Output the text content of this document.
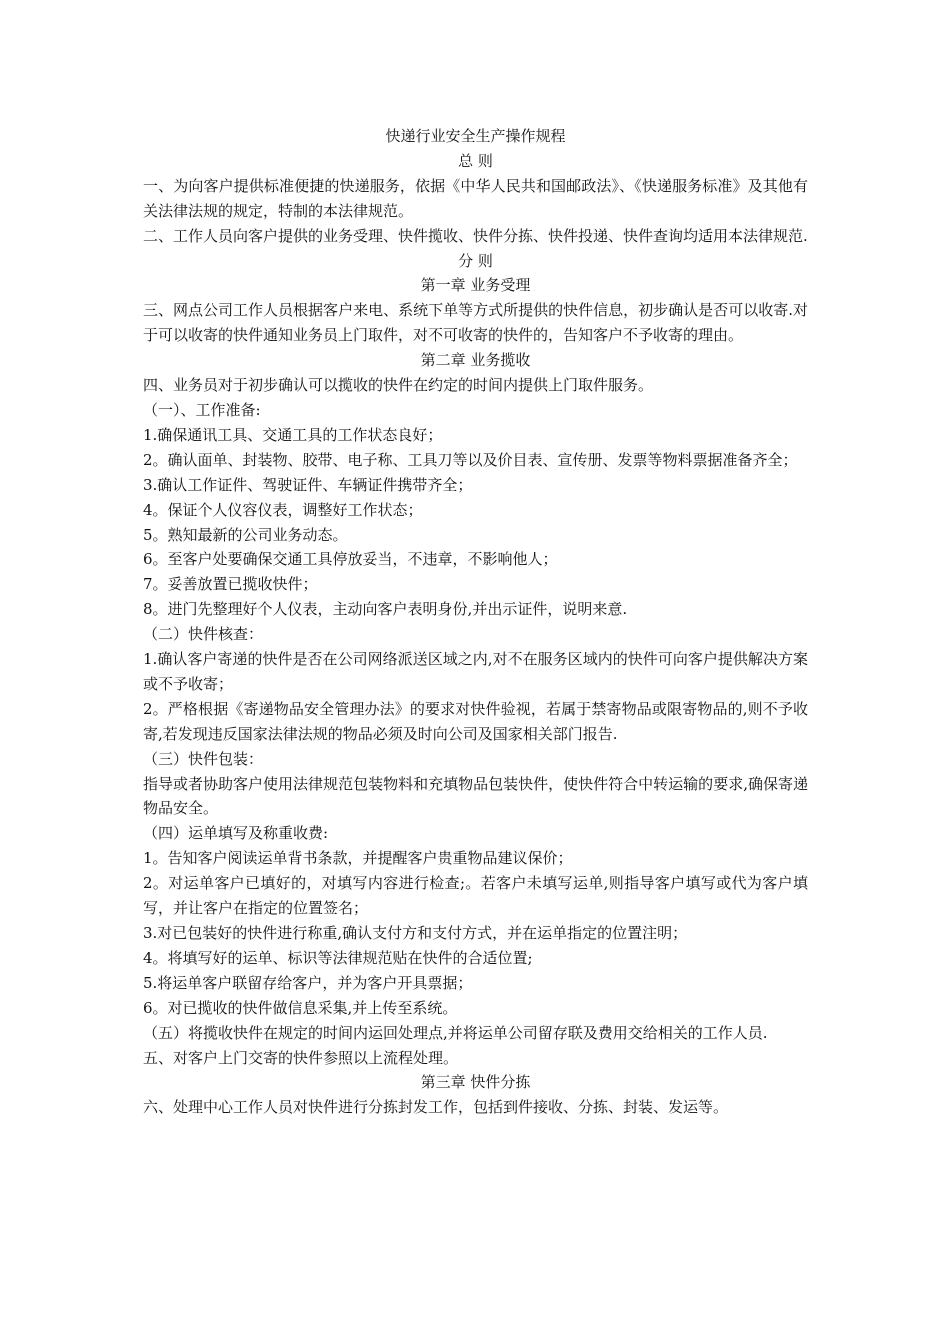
快递行业安全生产操作规程
总 则
一、为向客户提供标准便捷的快递服务，依据《中华人民共和国邮政法》、《快递服务标准》及其他有关法律法规的规定，特制的本法律规范。
二、工作人员向客户提供的业务受理、快件揽收、快件分拣、快件投递、快件查询均适用本法律规范.
分 则
第一章 业务受理
三、网点公司工作人员根据客户来电、系统下单等方式所提供的快件信息，初步确认是否可以收寄.对于可以收寄的快件通知业务员上门取件，对不可收寄的快件的，告知客户不予收寄的理由。
第二章 业务揽收
四、业务员对于初步确认可以揽收的快件在约定的时间内提供上门取件服务。
（一）、工作准备:
1.确保通讯工具、交通工具的工作状态良好；
2。确认面单、封装物、胶带、电子称、工具刀等以及价目表、宣传册、发票等物料票据准备齐全；
3.确认工作证件、驾驶证件、车辆证件携带齐全；
4。保证个人仪容仪表，调整好工作状态；
5。熟知最新的公司业务动态。
6。至客户处要确保交通工具停放妥当，不违章，不影响他人；
7。妥善放置已揽收快件；
8。进门先整理好个人仪表，主动向客户表明身份,并出示证件，说明来意.
（二）快件核查：
1.确认客户寄递的快件是否在公司网络派送区域之内,对不在服务区域内的快件可向客户提供解决方案或不予收寄；
2。严格根据《寄递物品安全管理办法》的要求对快件验视，若属于禁寄物品或限寄物品的,则不予收寄,若发现违反国家法律法规的物品必须及时向公司及国家相关部门报告.
（三）快件包装：
指导或者协助客户使用法律规范包装物料和充填物品包装快件，使快件符合中转运输的要求,确保寄递物品安全。
（四）运单填写及称重收费:
1。告知客户阅读运单背书条款，并提醒客户贵重物品建议保价；
2。对运单客户已填好的，对填写内容进行检查;。若客户未填写运单,则指导客户填写或代为客户填写，并让客户在指定的位置签名；
3.对已包装好的快件进行称重,确认支付方和支付方式，并在运单指定的位置注明；
4。将填写好的运单、标识等法律规范贴在快件的合适位置;
5.将运单客户联留存给客户，并为客户开具票据；
6。对已揽收的快件做信息采集,并上传至系统。
（五）将揽收快件在规定的时间内运回处理点,并将运单公司留存联及费用交给相关的工作人员.
五、对客户上门交寄的快件参照以上流程处理。
第三章 快件分拣
六、处理中心工作人员对快件进行分拣封发工作，包括到件接收、分拣、封装、发运等。
